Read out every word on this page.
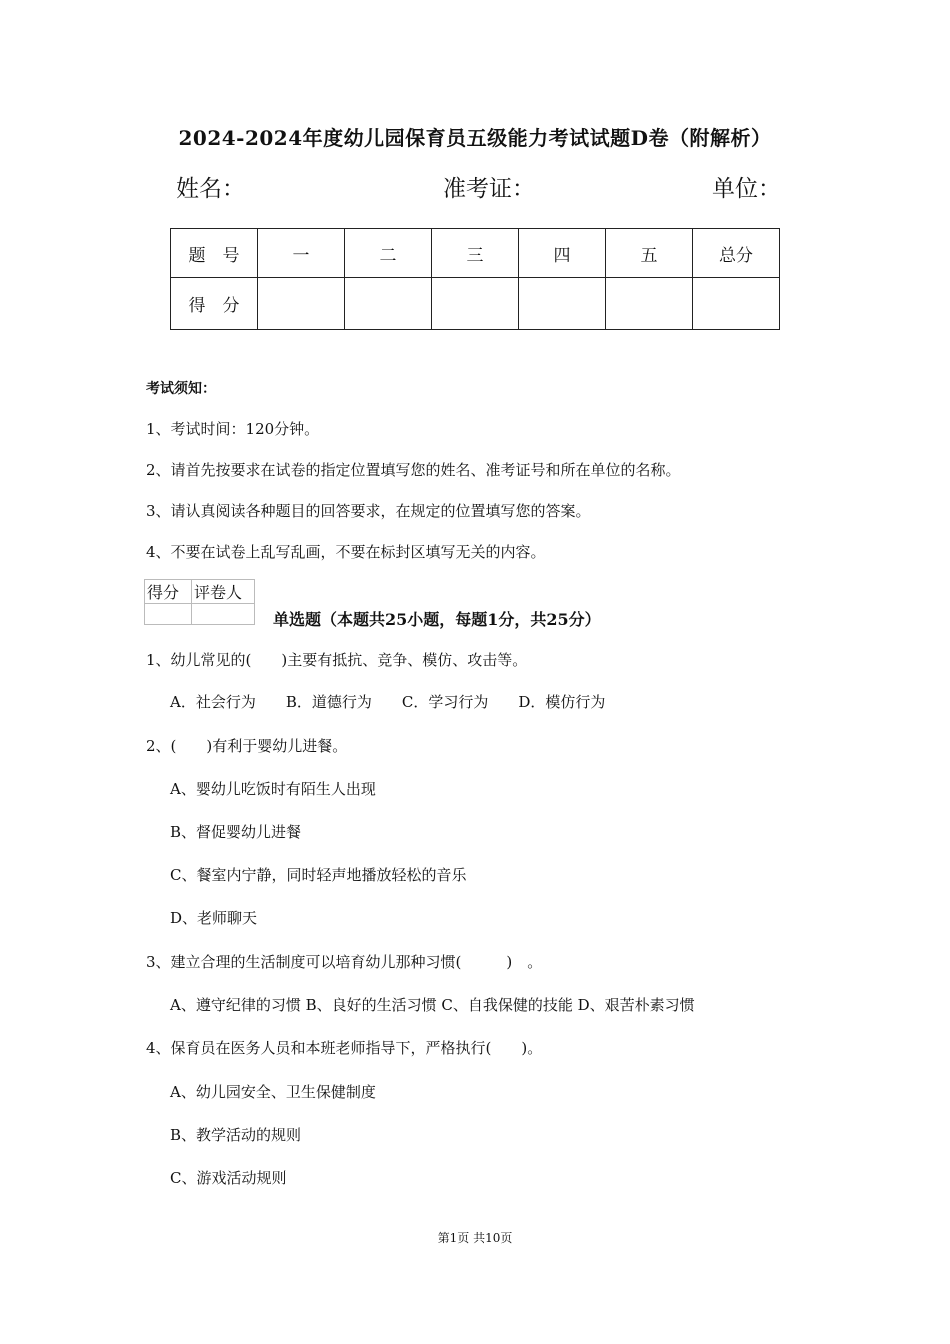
2024-2024年度幼儿园保育员五级能力考试试题D卷（附解析）
姓名：	准考证：	单位：
题　号	一	二	三	四	五	总分
得　分						
考试须知：
1、考试时间：120分钟。
2、请首先按要求在试卷的指定位置填写您的姓名、准考证号和所在单位的名称。
3、请认真阅读各种题目的回答要求，在规定的位置填写您的答案。
4、不要在试卷上乱写乱画，不要在标封区填写无关的内容。
得分	评卷人

单选题（本题共25小题，每题1分，共25分）
1、幼儿常见的(　　)主要有抵抗、竞争、模仿、攻击等。
A．社会行为　　B．道德行为　　C．学习行为　　D．模仿行为
2、(　　)有利于婴幼儿进餐。
A、婴幼儿吃饭时有陌生人出现
B、督促婴幼儿进餐
C、餐室内宁静，同时轻声地播放轻松的音乐
D、老师聊天
3、建立合理的生活制度可以培育幼儿那种习惯(　　　)　。
A、遵守纪律的习惯 B、良好的生活习惯 C、自我保健的技能 D、艰苦朴素习惯
4、保育员在医务人员和本班老师指导下，严格执行(　　)。
A、幼儿园安全、卫生保健制度
B、教学活动的规则
C、游戏活动规则
第1页 共10页
